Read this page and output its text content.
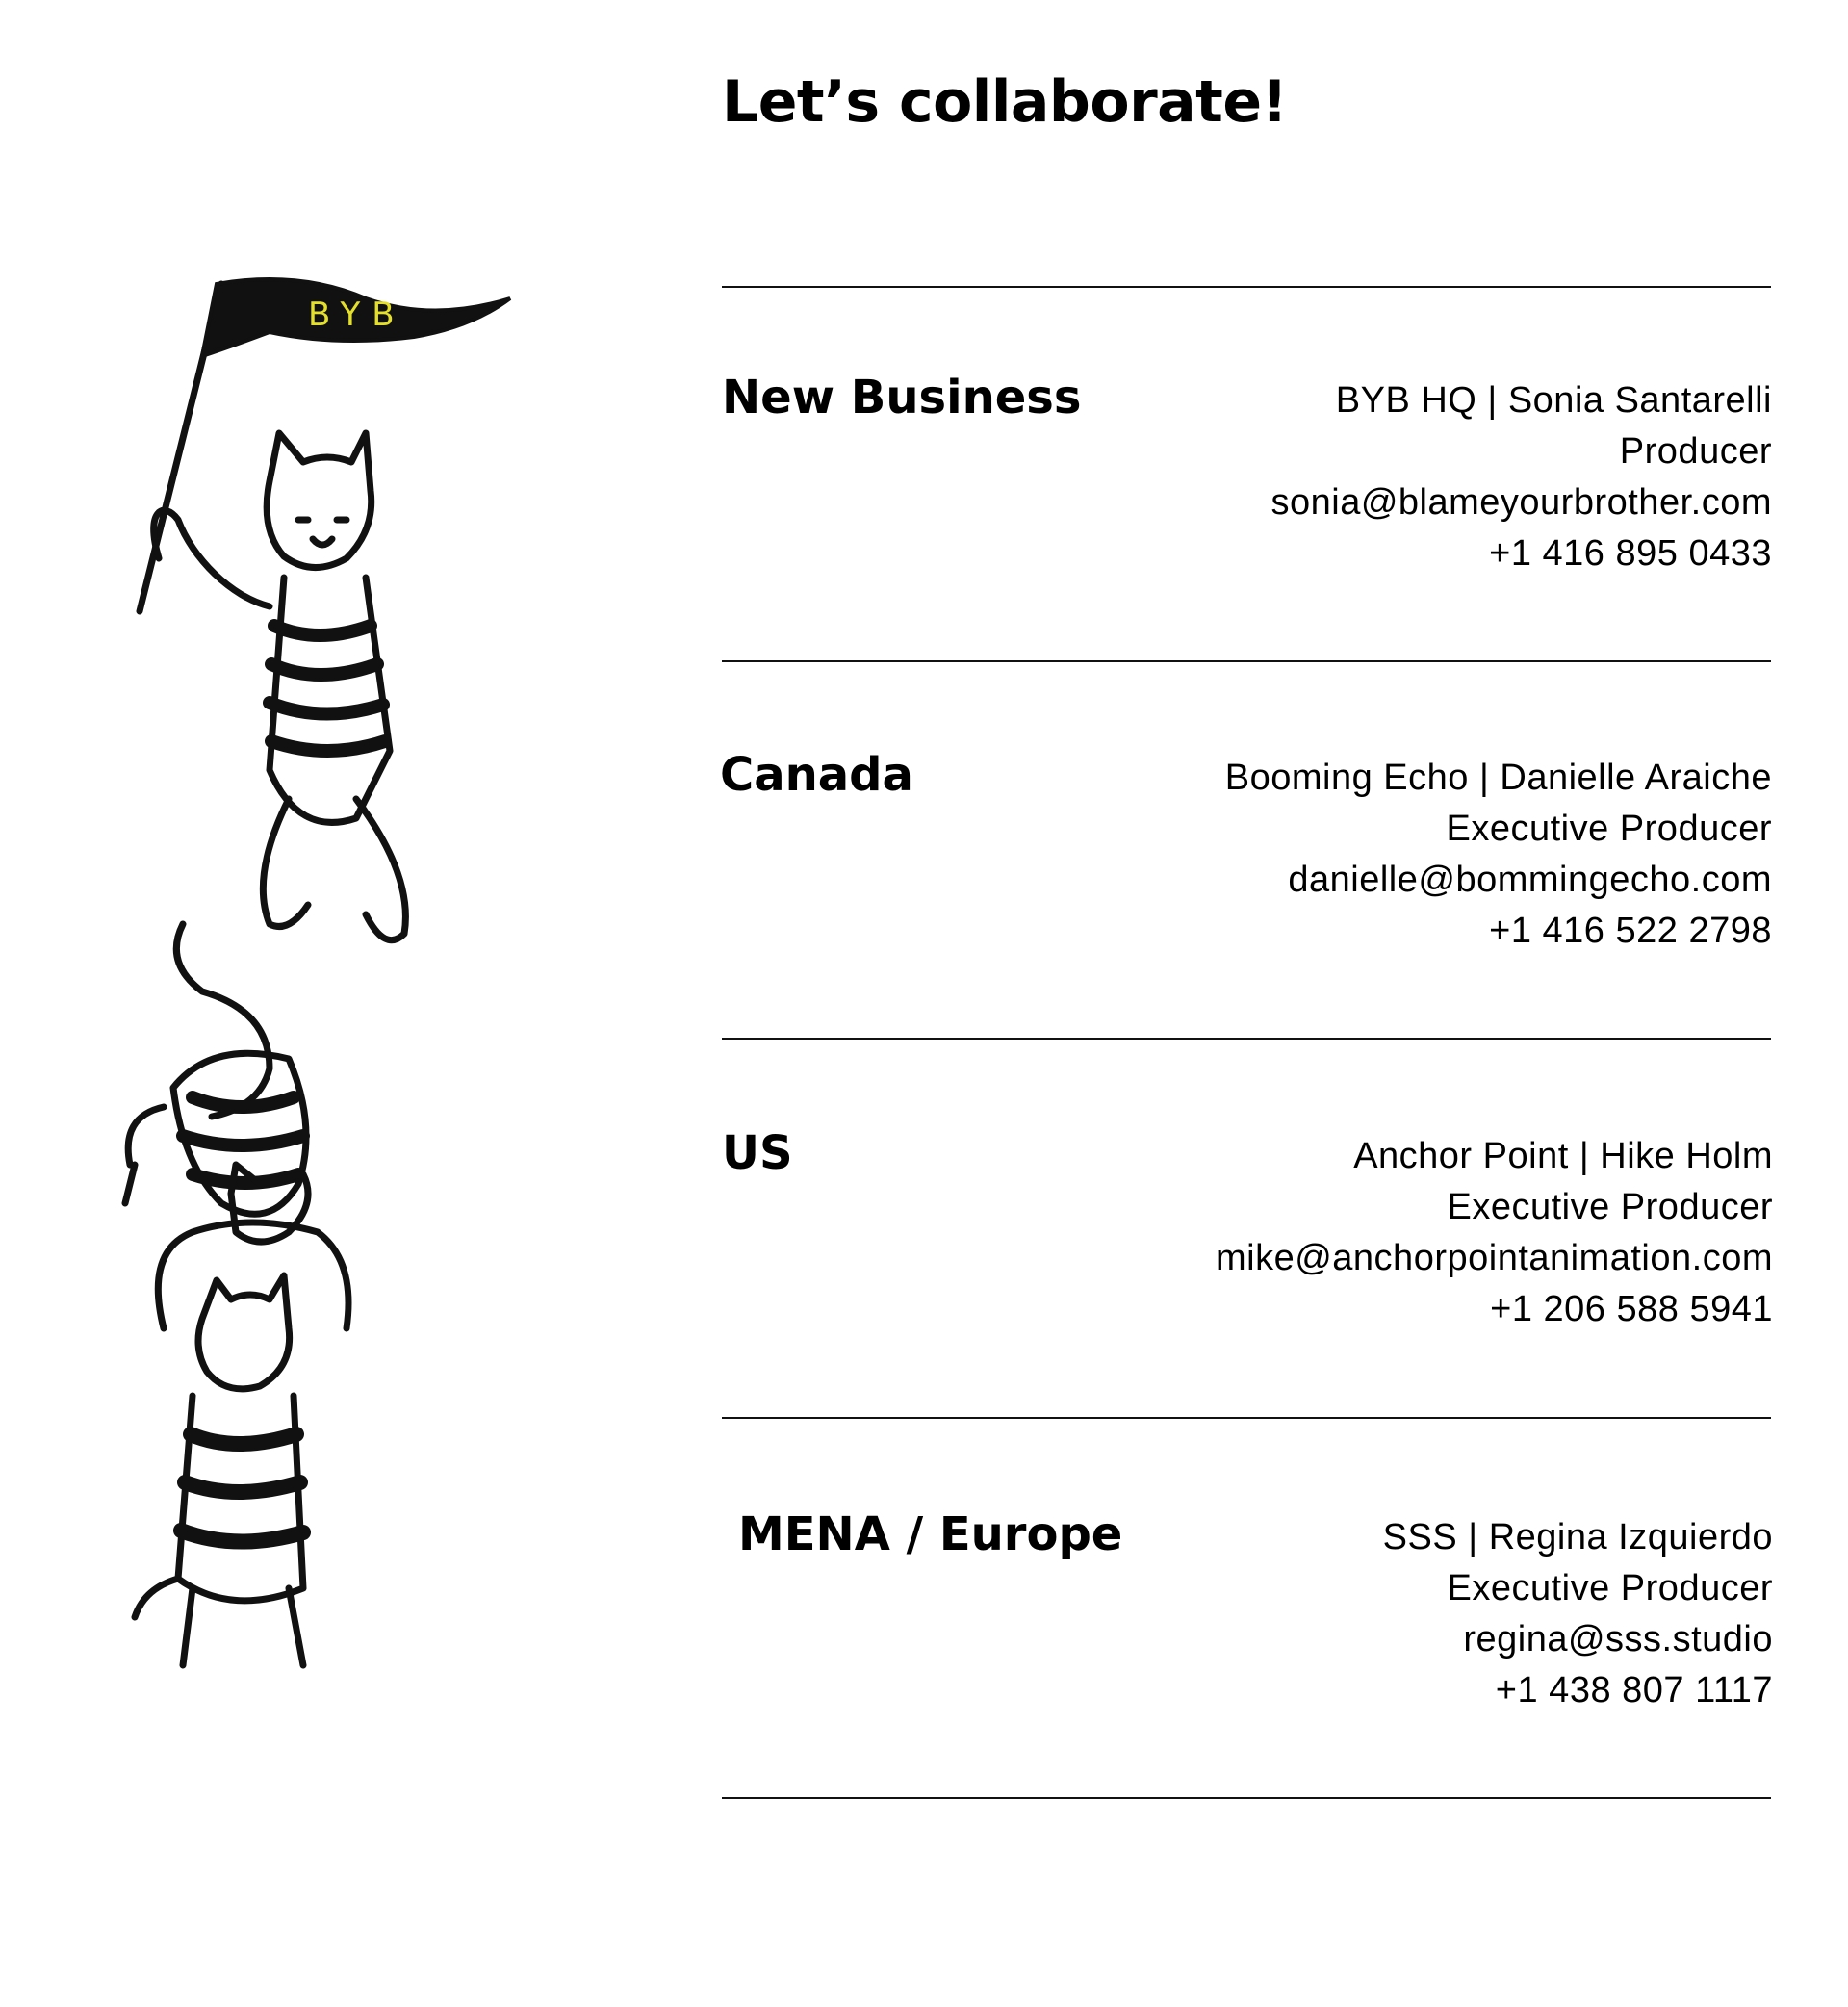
Let’s collaborate!
BYB
New Business	BYB HQ | Sonia Santarelli
Producer
sonia@blameyourbrother.com
+1 416 895 0433
Canada	Booming Echo | Danielle Araiche
Executive Producer
danielle@bommingecho.com
+1 416 522 2798
US	Anchor Point | Hike Holm
Executive Producer
mike@anchorpointanimation.com
+1 206 588 5941
MENA / Europe	SSS | Regina Izquierdo
Executive Producer
regina@sss.studio
+1 438 807 1117
